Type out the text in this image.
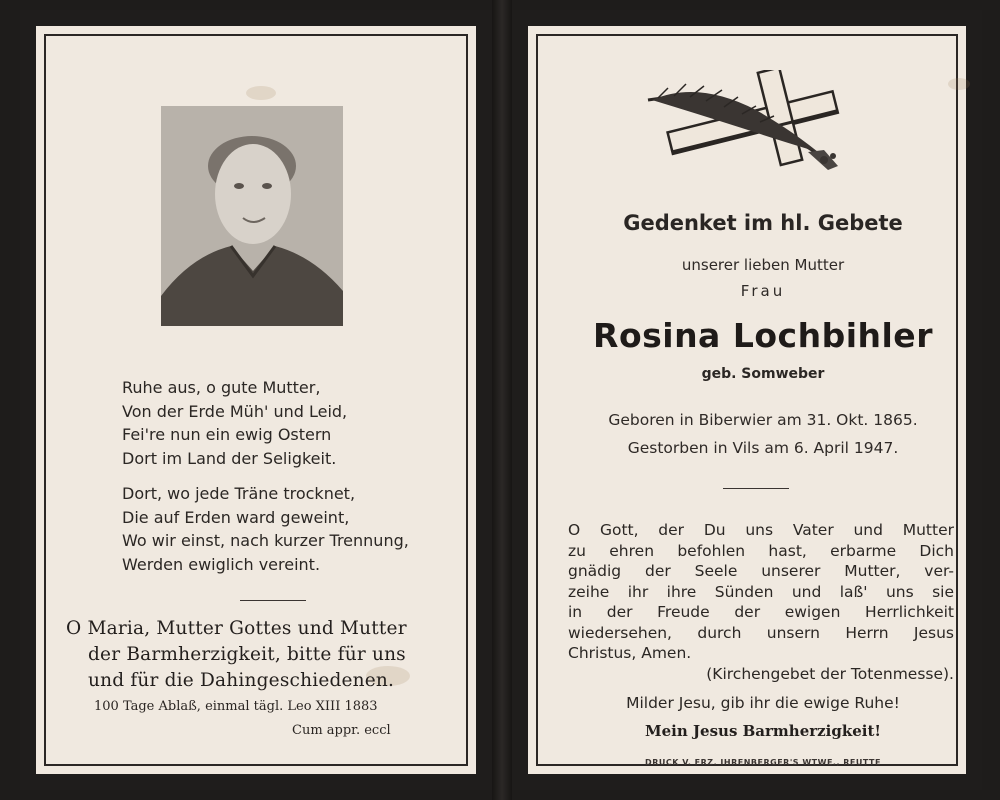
Ruhe aus, o gute Mutter,
Von der Erde Müh' und Leid,
Fei're nun ein ewig Ostern
Dort im Land der Seligkeit.
Dort, wo jede Träne trocknet,
Die auf Erden ward geweint,
Wo wir einst, nach kurzer Trennung,
Werden ewiglich vereint.
O Maria, Mutter Gottes und Mutter
der Barmherzigkeit, bitte für uns
und für die Dahingeschiedenen.
100 Tage Ablaß, einmal tägl. Leo XIII 1883
Cum appr. eccl
Gedenket im hl. Gebete
unserer lieben Mutter
Frau
Rosina Lochbihler
geb. Somweber
Geboren in Biberwier am 31. Okt. 1865.
Gestorben in Vils am 6. April 1947.
O Gott, der Du uns Vater und Mutter
zu ehren befohlen hast, erbarme Dich
gnädig der Seele unserer Mutter, ver-
zeihe ihr ihre Sünden und laß' uns sie
in der Freude der ewigen Herrlichkeit
wiedersehen, durch unsern Herrn Jesus
Christus, Amen.
(Kirchengebet der Totenmesse).
Milder Jesu, gib ihr die ewige Ruhe!
Mein Jesus Barmherzigkeit!
DRUCK V. FRZ. IHRENBERGER'S WTWE., REUTTE
